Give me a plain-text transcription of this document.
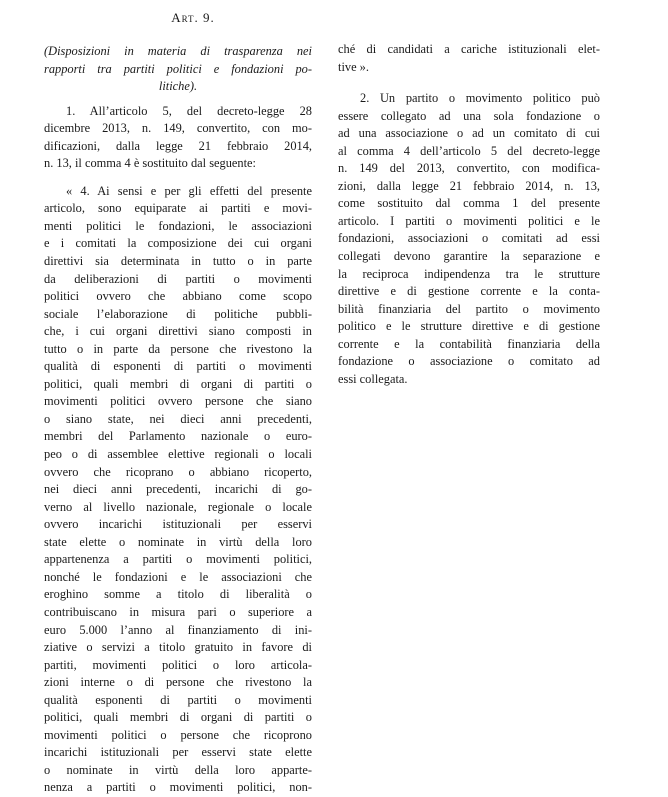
Art. 9.
(Disposizioni in materia di trasparenza nei
rapporti tra partiti politici e fondazioni po-
litiche).
1. All’articolo 5, del decreto-legge 28
dicembre 2013, n. 149, convertito, con mo-
dificazioni, dalla legge 21 febbraio 2014,
n. 13, il comma 4 è sostituito dal seguente:
« 4. Ai sensi e per gli effetti del presente
articolo, sono equiparate ai partiti e movi-
menti politici le fondazioni, le associazioni
e i comitati la composizione dei cui organi
direttivi sia determinata in tutto o in parte
da deliberazioni di partiti o movimenti
politici ovvero che abbiano come scopo
sociale l’elaborazione di politiche pubbli-
che, i cui organi direttivi siano composti in
tutto o in parte da persone che rivestono la
qualità di esponenti di partiti o movimenti
politici, quali membri di organi di partiti o
movimenti politici ovvero persone che siano
o siano state, nei dieci anni precedenti,
membri del Parlamento nazionale o euro-
peo o di assemblee elettive regionali o locali
ovvero che ricoprano o abbiano ricoperto,
nei dieci anni precedenti, incarichi di go-
verno al livello nazionale, regionale o locale
ovvero incarichi istituzionali per esservi
state elette o nominate in virtù della loro
appartenenza a partiti o movimenti politici,
nonché le fondazioni e le associazioni che
eroghino somme a titolo di liberalità o
contribuiscano in misura pari o superiore a
euro 5.000 l’anno al finanziamento di ini-
ziative o servizi a titolo gratuito in favore di
partiti, movimenti politici o loro articola-
zioni interne o di persone che rivestono la
qualità esponenti di partiti o movimenti
politici, quali membri di organi di partiti o
movimenti politici o persone che ricoprono
incarichi istituzionali per esservi state elette
o nominate in virtù della loro apparte-
nenza a partiti o movimenti politici, non-
ché di candidati a cariche istituzionali elet-
tive ».
2. Un partito o movimento politico può
essere collegato ad una sola fondazione o
ad una associazione o ad un comitato di cui
al comma 4 dell’articolo 5 del decreto-legge
n. 149 del 2013, convertito, con modifica-
zioni, dalla legge 21 febbraio 2014, n. 13,
come sostituito dal comma 1 del presente
articolo. I partiti o movimenti politici e le
fondazioni, associazioni o comitati ad essi
collegati devono garantire la separazione e
la reciproca indipendenza tra le strutture
direttive e di gestione corrente e la conta-
bilità finanziaria del partito o movimento
politico e le strutture direttive e di gestione
corrente e la contabilità finanziaria della
fondazione o associazione o comitato ad
essi collegata.
